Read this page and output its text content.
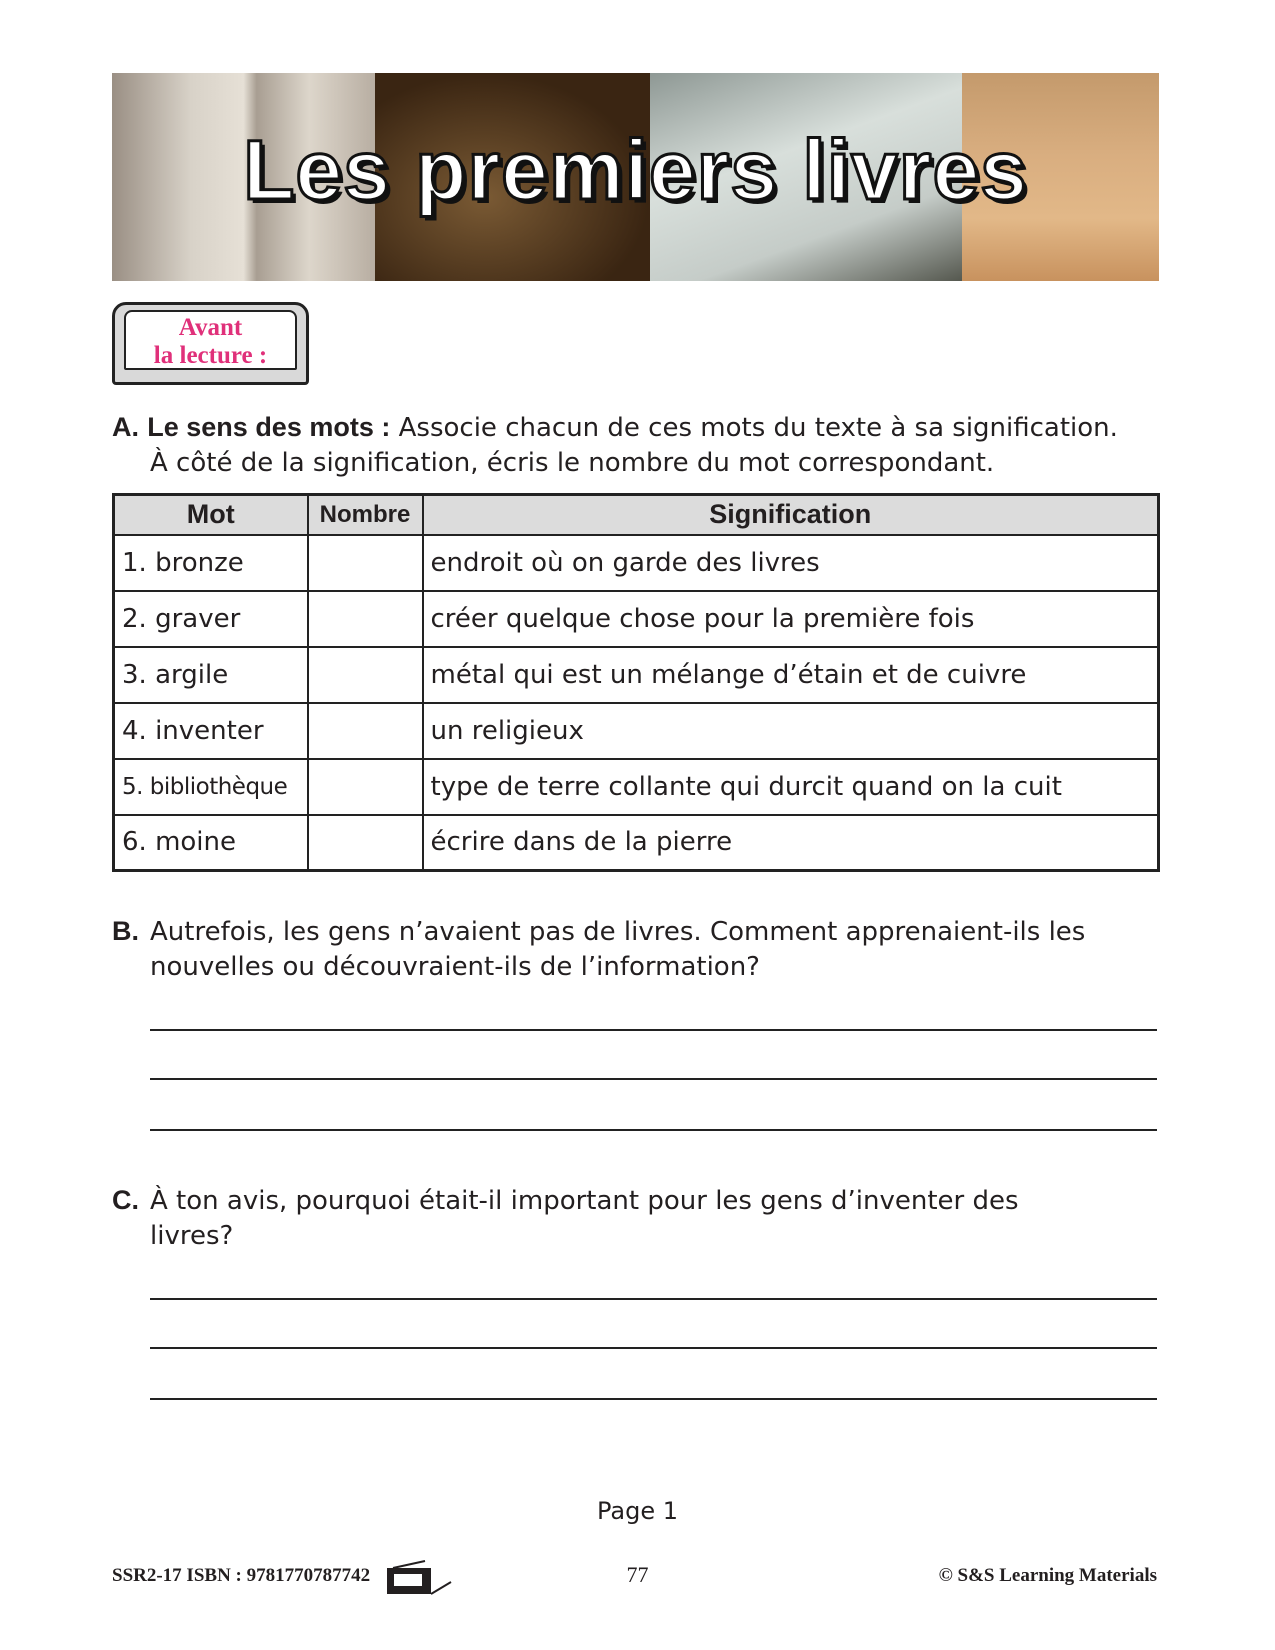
Les premiers livres
Avant
la lecture :
A. Le sens des mots : Associe chacun de ces mots du texte à sa signification.
À côté de la signification, écris le nombre du mot correspondant.
Mot	Nombre	Signification
1. bronze		endroit où on garde des livres
2. graver		créer quelque chose pour la première fois
3. argile		métal qui est un mélange d’étain et de cuivre
4. inventer		un religieux
5. bibliothèque		type de terre collante qui durcit quand on la cuit
6. moine		écrire dans de la pierre
B. Autrefois, les gens n’avaient pas de livres. Comment apprenaient-ils les
nouvelles ou découvraient-ils de l’information?
C. À ton avis, pourquoi était-il important pour les gens d’inventer des
livres?
Page 1
SSR2-17 ISBN : 9781770787742	77	© S&S Learning Materials
